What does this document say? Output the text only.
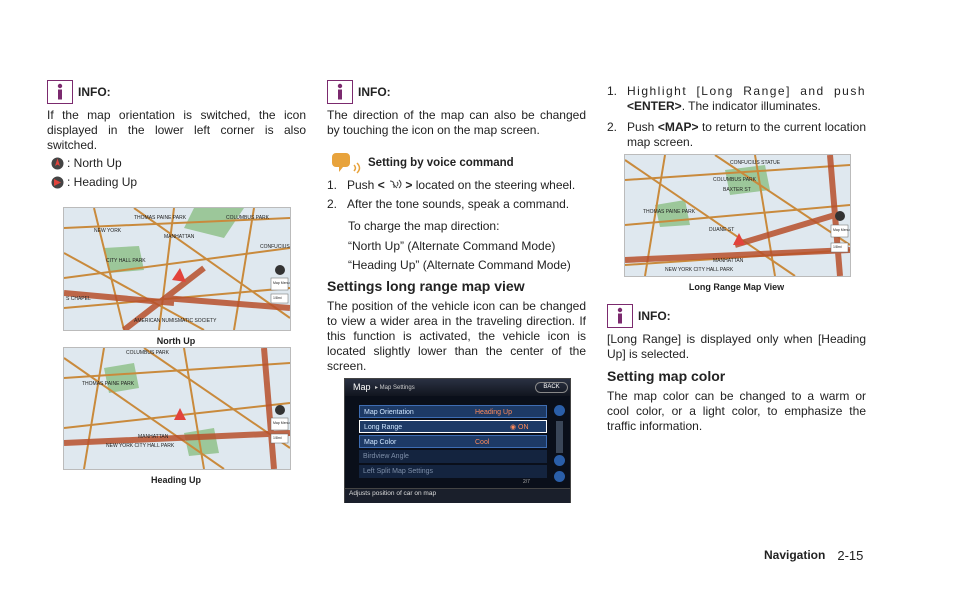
INFO:

If the map orientation is switched, the icon displayed in the lower left corner is also switched.

: North Up
: Heading Up
THOMAS PAINE PARK	COLUMBUS PARK
NEW YORK
MANHATTAN
CONFUCIUS
CITY HALL PARK
S CHAPEL
AMERICAN NUMISMATIC SOCIETY
Map Menu
1/8mi
North Up
COLUMBUS PARK
THOMAS PAINE PARK
MANHATTAN
NEW YORK CITY HALL PARK
Map Menu
1/8mi
Heading Up
INFO:

The direction of the map can also be changed by touching the icon on the map screen.

Setting by voice command
1. Push < > located on the steering wheel.
2. After the tone sounds, speak a command.
To charge the map direction:
“North Up” (Alternate Command Mode)
“Heading Up” (Alternate Command Mode)
Settings long range map view

The position of the vehicle icon can be changed to view a wider area in the traveling direction. If this function is activated, the vehicle icon is located slightly lower than the center of the screen.

Map ▸ Map Settings	BACK
Map Orientation	Heading Up
Long Range	◉ ON
Map Color	Cool
Birdview Angle
Left Split Map Settings
2/7
Adjusts position of car on map
1. Highlight [Long Range] and push <ENTER>. The indicator illuminates.
2. Push <MAP> to return to the current location map screen.
CONFUCIUS STATUE
COLUMBUS PARK
BAXTER ST
THOMAS PAINE PARK
DUANE ST
MANHATTAN
NEW YORK CITY HALL PARK
Map Menu
1/8mi
Long Range Map View
INFO:

[Long Range] is displayed only when [Heading Up] is selected.

Setting map color

The map color can be changed to a warm or cool color, or a light color, to emphasize the traffic information.

Navigation 2-15
